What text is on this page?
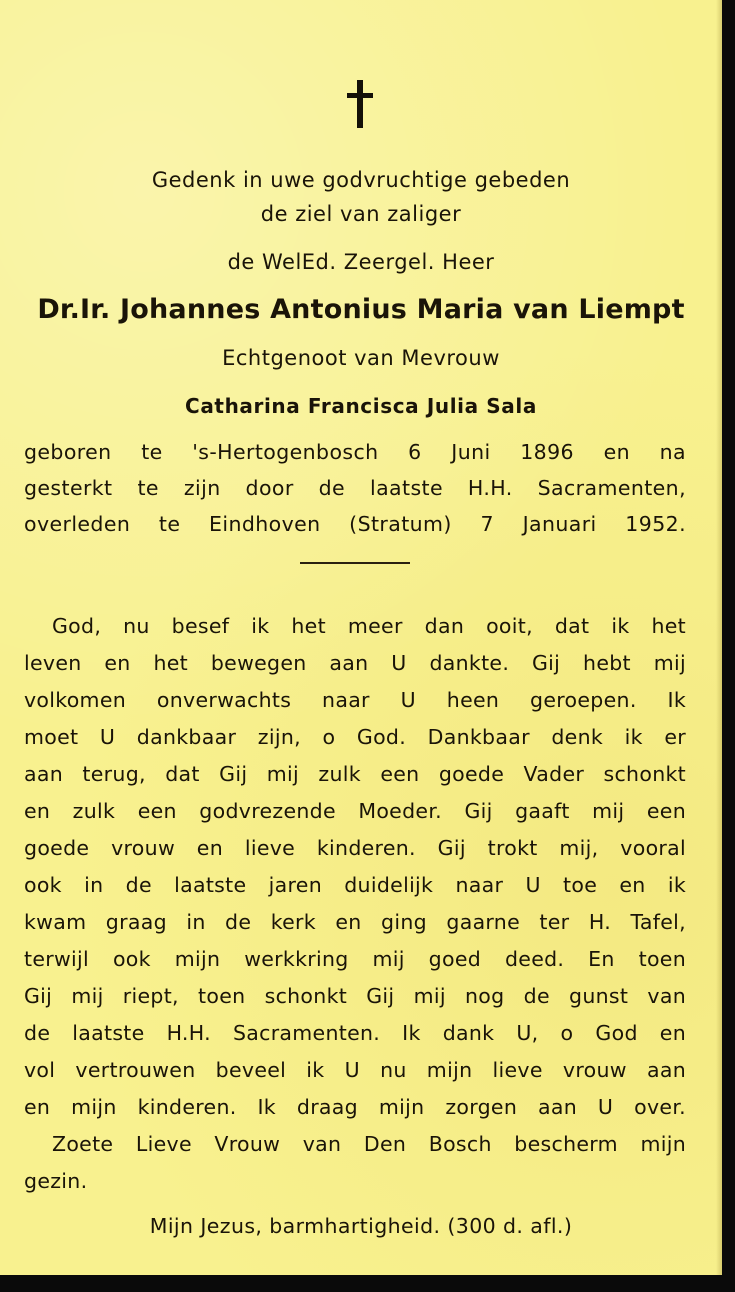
Gedenk in uwe godvruchtige gebeden
de ziel van zaliger
de WelEd. Zeergel. Heer
Dr.Ir. Johannes Antonius Maria van Liempt
Echtgenoot van Mevrouw
Catharina Francisca Julia Sala
geboren te 's-Hertogenbosch 6 Juni 1896 en na
gesterkt te zijn door de laatste H.H. Sacramenten,
overleden te Eindhoven (Stratum) 7 Januari 1952.
God, nu besef ik het meer dan ooit, dat ik het
leven en het bewegen aan U dankte. Gij hebt mij
volkomen onverwachts naar U heen geroepen. Ik
moet U dankbaar zijn, o God. Dankbaar denk ik er
aan terug, dat Gij mij zulk een goede Vader schonkt
en zulk een godvrezende Moeder. Gij gaaft mij een
goede vrouw en lieve kinderen. Gij trokt mij, vooral
ook in de laatste jaren duidelijk naar U toe en ik
kwam graag in de kerk en ging gaarne ter H. Tafel,
terwijl ook mijn werkkring mij goed deed. En toen
Gij mij riept, toen schonkt Gij mij nog de gunst van
de laatste H.H. Sacramenten. Ik dank U, o God en
vol vertrouwen beveel ik U nu mijn lieve vrouw aan
en mijn kinderen. Ik draag mijn zorgen aan U over.
Zoete Lieve Vrouw van Den Bosch bescherm mijn
gezin.
Mijn Jezus, barmhartigheid. (300 d. afl.)
